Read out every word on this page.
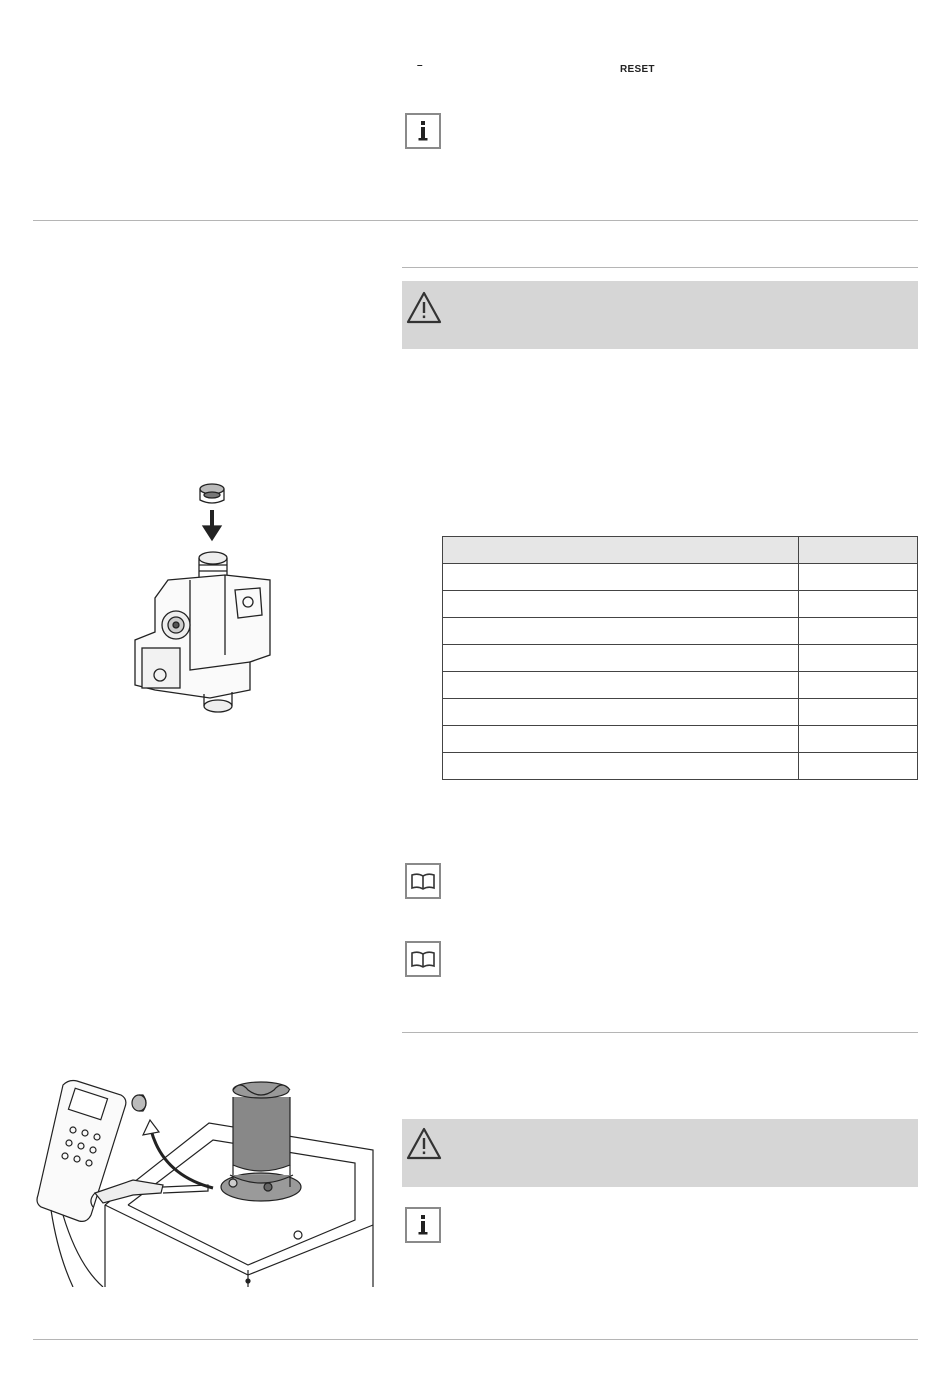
–	RESET
